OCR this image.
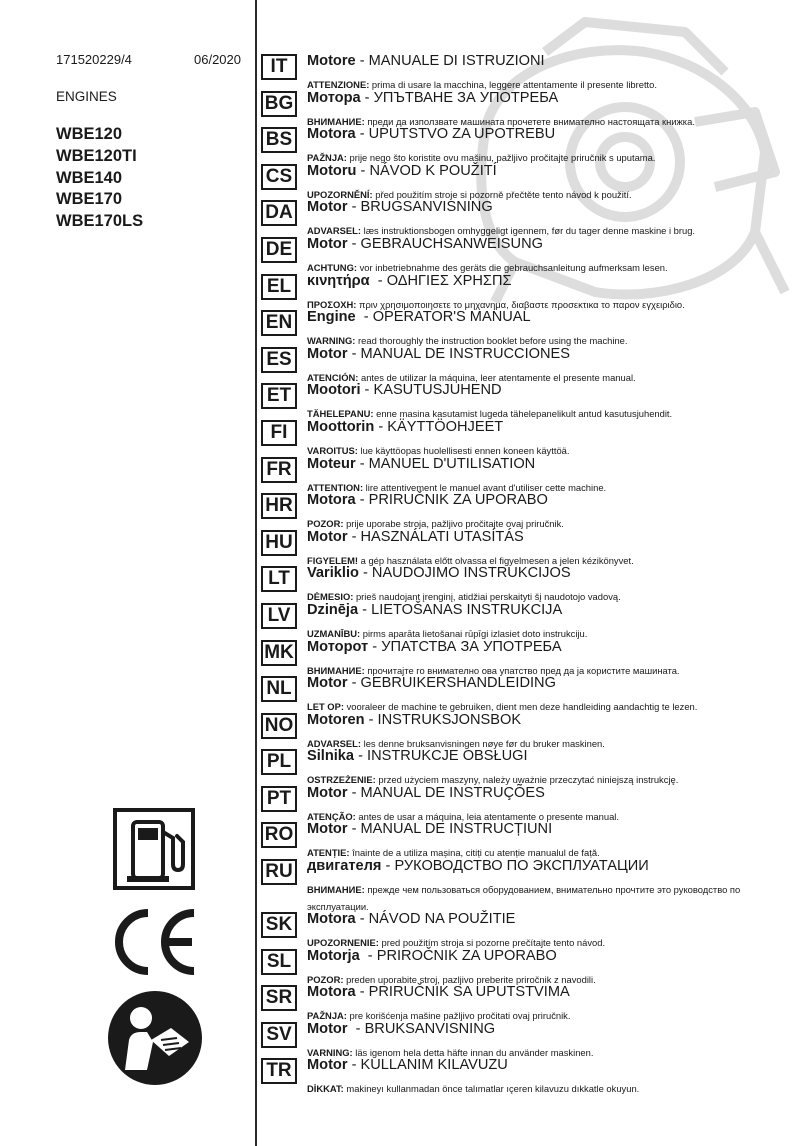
171520229/4	06/2020
ENGINES
WBE120
WBE120TI
WBE140
WBE170
WBE170LS
IT	Motore - MANUALE DI ISTRUZIONI
ATTENZIONE: prima di usare la macchina, leggere attentamente il presente libretto.
BG Мотора - УПЪТВАНЕ ЗА УПОТРЕБА
ВНИМАНИЕ: преди да използвате машината прочетете внимателно настоящата книжка.
BS	Motora - UPUTSTVO ZA UPOTREBU
PAŽNJA: prije nego što koristite ovu mašinu, pažljivo pročitajte priručnik s uputama.
CS	Motoru - NÁVOD K POUŽITÍ
UPOZORNĚNÍ: před použitím stroje si pozorně přečtěte tento návod k použití.
DA Motor - BRUGSANVISNING
ADVARSEL: læs instruktionsbogen omhyggeligt igennem, før du tager denne maskine i brug.
DE	Motor - GEBRAUCHSANWEISUNG
ACHTUNG: vor inbetriebnahme des geräts die gebrauchsanleitung aufmerksam lesen.
EL	κινητήρα  - ΟΔΗΓΙΕΣ ΧΡΗΣΠΣ
ΠΡΟΣΟΧΗ: πριν χρησιμοποιησετε το μηχανημα, διαβαστε προσεκτικα το παρον εγχειριδιο.
EN	Engine  - OPERATOR'S MANUAL
WARNING: read thoroughly the instruction booklet before using the machine.
ES	Motor - MANUAL DE INSTRUCCIONES
ATENCIÓN: antes de utilizar la máquina, leer atentamente el presente manual.
ET	Mootori - KASUTUSJUHEND
TÄHELEPANU: enne masina kasutamist lugeda tähelepanelikult antud kasutusjuhendit.
FI	Moottorin - KÄYTTÖOHJEET
VAROITUS: lue käyttöopas huolellisesti ennen koneen käyttöä.
FR	Moteur - MANUEL D'UTILISATION
ATTENTION: lire attentivement le manuel avant d'utiliser cette machine.
HR Motora - PRIRUČNIK ZA UPORABO
POZOR: prije uporabe stroja, pažljivo pročitajte ovaj priručnik.
HU Motor - HASZNÁLATI UTASÍTÁS
FIGYELEM! a gép használata előtt olvassa el figyelmesen a jelen kézikönyvet.
LT	Variklio - NAUDOJIMO INSTRUKCIJOS
DĖMESIO: prieš naudojant įrenginį, atidžiai perskaityti šį naudotojo vadovą.
LV	Dzinēja - LIETOŠANAS INSTRUKCIJA
UZMANĪBU: pirms aparāta lietošanai rūpīgi izlasiet doto instrukciju.
MK Моторот - УПАТСТВА ЗА УПОТРЕБА
ВНИМАНИЕ: прочитајте го внимателно ова упатство пред да ја користите машината.
NL	Motor - GEBRUIKERSHANDLEIDING
LET OP: vooraleer de machine te gebruiken, dient men deze handleiding aandachtig te lezen.
NO Motoren - INSTRUKSJONSBOK
ADVARSEL: les denne bruksanvisningen nøye før du bruker maskinen.
PL	Silnika - INSTRUKCJE OBSŁUGI
OSTRZEŻENIE: przed użyciem maszyny, należy uważnie przeczytać niniejszą instrukcję.
PT	Motor - MANUAL DE INSTRUÇÕES
ATENÇÃO: antes de usar a máquina, leia atentamente o presente manual.
RO Motor - MANUAL DE INSTRUCȚIUNI
ATENȚIE: înainte de a utiliza mașina, citiți cu atenție manualul de față.
RU двигателя - РУКОВОДСТВО ПО ЭКСПЛУАТАЦИИ
ВНИМАНИЕ: прежде чем пользоваться оборудованием, внимательно прочтите это руководство по эксплуатации.
SK	Motora - NÁVOD NA POUŽITIE
UPOZORNENIE: pred použitím stroja si pozorne prečítajte tento návod.
SL	Motorja  - PRIROČNIK ZA UPORABO
POZOR: preden uporabite stroj, pazljivo preberite priročnik z navodili.
SR	Motora - PRIRUČNIK SA UPUTSTVIMA
PAŽNJA: pre korišćenja mašine pažljivo pročitati ovaj priručnik.
SV	Motor  - BRUKSANVISNING
VARNING: läs igenom hela detta häfte innan du använder maskinen.
TR	Motor - KULLANIM KILAVUZU
DİKKAT: makineyı kullanmadan önce talımatlar ıçeren kilavuzu dıkkatle okuyun.
